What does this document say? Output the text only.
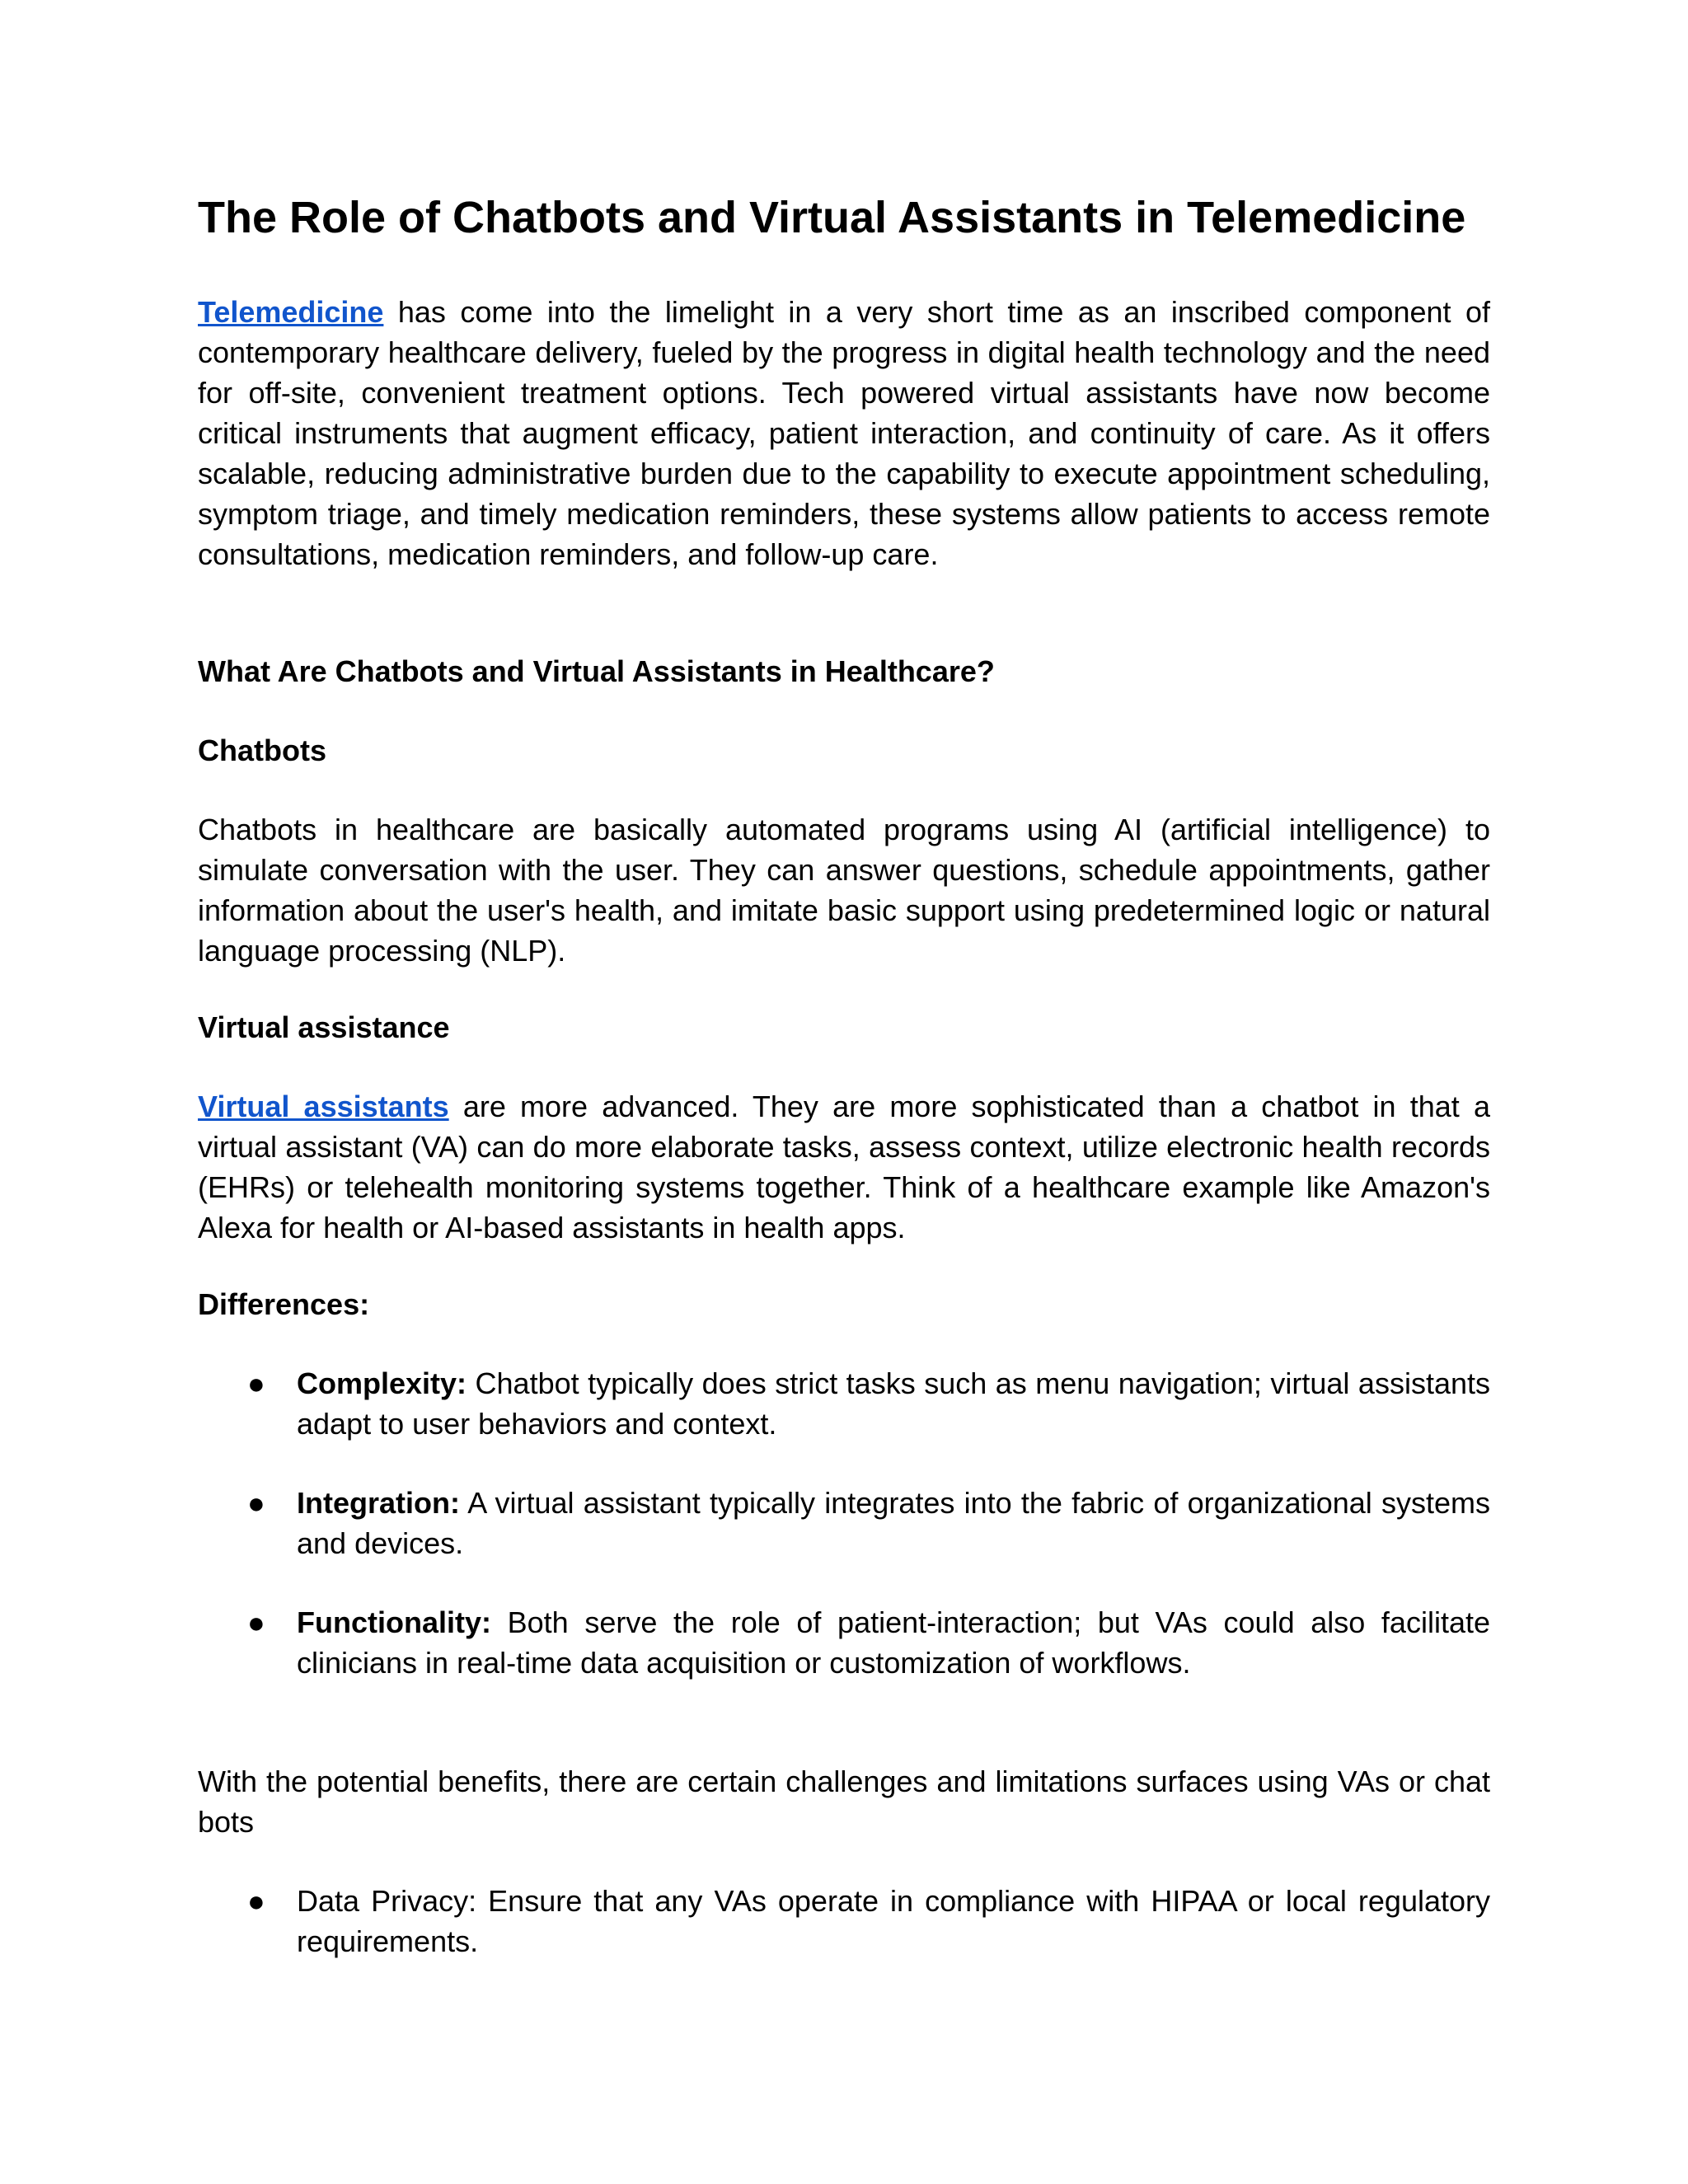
The Role of Chatbots and Virtual Assistants in Telemedicine

Telemedicine has come into the limelight in a very short time as an inscribed component of contemporary healthcare delivery, fueled by the progress in digital health technology and the need for off-site, convenient treatment options. Tech powered virtual assistants have now become critical instruments that augment efficacy, patient interaction, and continuity of care. As it offers scalable, reducing administrative burden due to the capability to execute appointment scheduling, symptom triage, and timely medication reminders, these systems allow patients to access remote consultations, medication reminders, and follow-up care.

What Are Chatbots and Virtual Assistants in Healthcare?
Chatbots

Chatbots in healthcare are basically automated programs using AI (artificial intelligence) to simulate conversation with the user. They can answer questions, schedule appointments, gather information about the user's health, and imitate basic support using predetermined logic or natural language processing (NLP).

Virtual assistance

Virtual assistants are more advanced. They are more sophisticated than a chatbot in that a virtual assistant (VA) can do more elaborate tasks, assess context, utilize electronic health records (EHRs) or telehealth monitoring systems together. Think of a healthcare example like Amazon's Alexa for health or AI-based assistants in health apps.

Differences:
● Complexity: Chatbot typically does strict tasks such as menu navigation; virtual assistants adapt to user behaviors and context.

● Integration: A virtual assistant typically integrates into the fabric of organizational systems and devices.

● Functionality: Both serve the role of patient-interaction; but VAs could also facilitate clinicians in real-time data acquisition or customization of workflows.

With the potential benefits, there are certain challenges and limitations surfaces using VAs or chat bots

● Data Privacy: Ensure that any VAs operate in compliance with HIPAA or local regulatory requirements.
